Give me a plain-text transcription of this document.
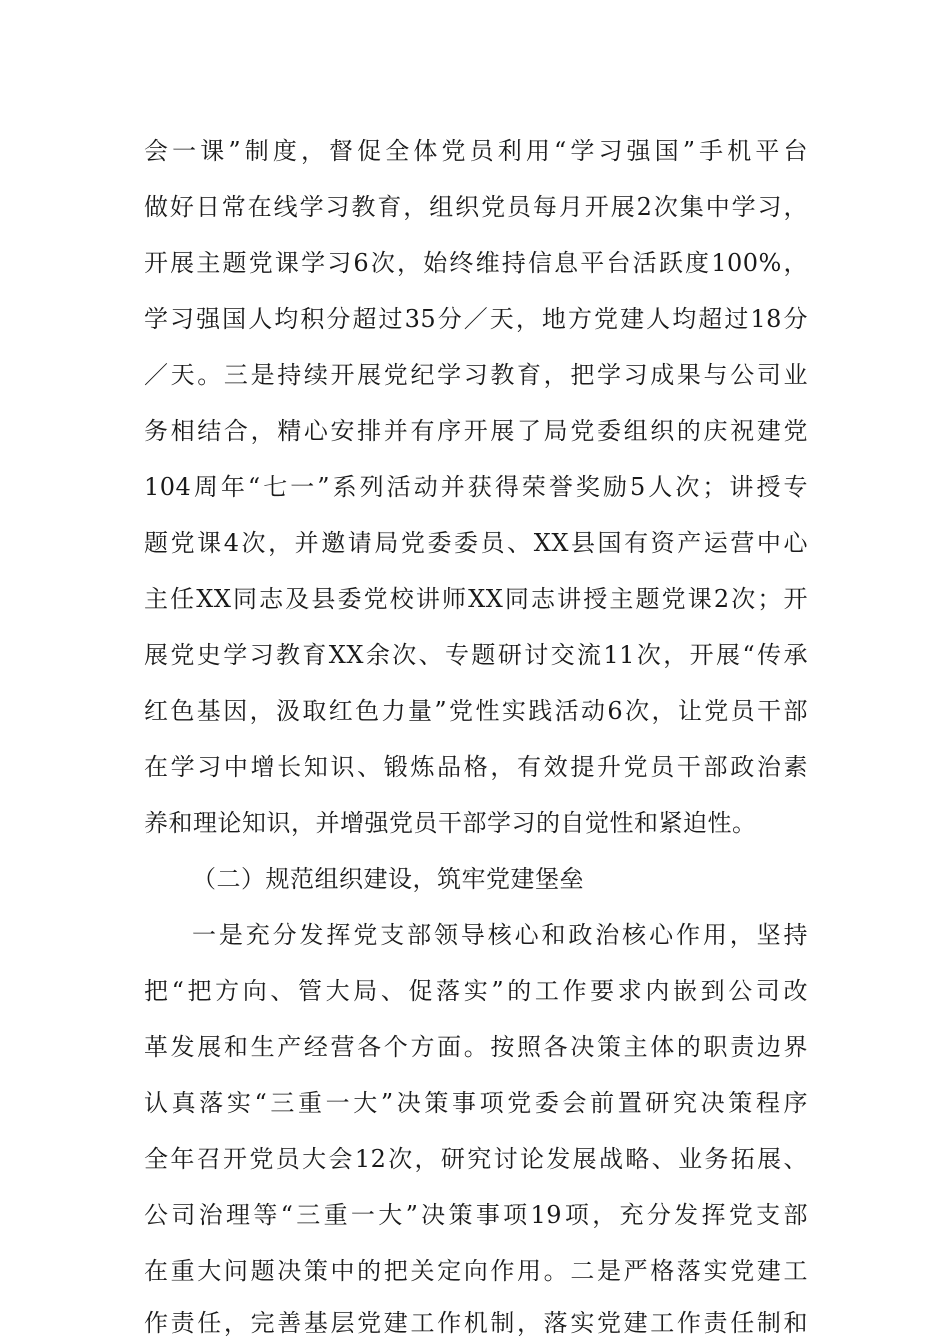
会一课”制度，督促全体党员利用“学习强国”手机平台
做好日常在线学习教育，组织党员每月开展2次集中学习，
开展主题党课学习6次，始终维持信息平台活跃度100%，
学习强国人均积分超过35分／天，地方党建人均超过18分
／天。三是持续开展党纪学习教育，把学习成果与公司业
务相结合，精心安排并有序开展了局党委组织的庆祝建党
104周年“七一”系列活动并获得荣誉奖励5人次；讲授专
题党课4次，并邀请局党委委员、XX县国有资产运营中心
主任XX同志及县委党校讲师XX同志讲授主题党课2次；开
展党史学习教育XX余次、专题研讨交流11次，开展“传承
红色基因，汲取红色力量”党性实践活动6次，让党员干部
在学习中增长知识、锻炼品格，有效提升党员干部政治素
养和理论知识，并增强党员干部学习的自觉性和紧迫性。
（二）规范组织建设，筑牢党建堡垒
一是充分发挥党支部领导核心和政治核心作用，坚持
把“把方向、管大局、促落实”的工作要求内嵌到公司改
革发展和生产经营各个方面。按照各决策主体的职责边界
认真落实“三重一大”决策事项党委会前置研究决策程序
全年召开党员大会12次，研究讨论发展战略、业务拓展、
公司治理等“三重一大”决策事项19项，充分发挥党支部
在重大问题决策中的把关定向作用。二是严格落实党建工
作责任，完善基层党建工作机制，落实党建工作责任制和
